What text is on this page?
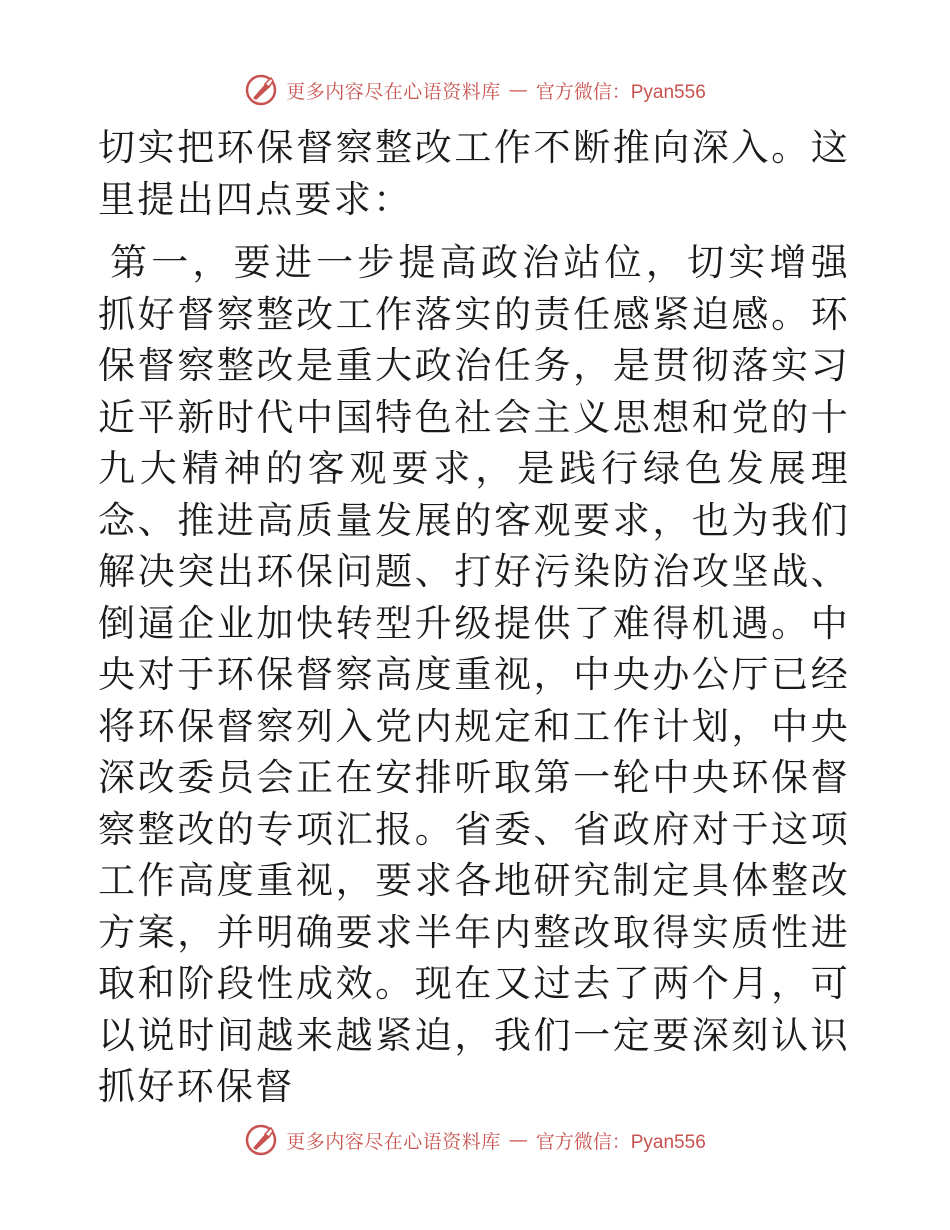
更多内容尽在心语资料库 — 官方微信：Pyan556

切实把环保督察整改工作不断推向深入。这里提出四点要求：

第一，要进一步提高政治站位，切实增强抓好督察整改工作落实的责任感紧迫感。环保督察整改是重大政治任务，是贯彻落实习近平新时代中国特色社会主义思想和党的十九大精神的客观要求，是践行绿色发展理念、推进高质量发展的客观要求，也为我们解决突出环保问题、打好污染防治攻坚战、倒逼企业加快转型升级提供了难得机遇。中央对于环保督察高度重视，中央办公厅已经将环保督察列入党内规定和工作计划，中央深改委员会正在安排听取第一轮中央环保督察整改的专项汇报。省委、省政府对于这项工作高度重视，要求各地研究制定具体整改方案，并明确要求半年内整改取得实质性进取和阶段性成效。现在又过去了两个月，可以说时间越来越紧迫，我们一定要深刻认识抓好环保督

更多内容尽在心语资料库 — 官方微信：Pyan556
